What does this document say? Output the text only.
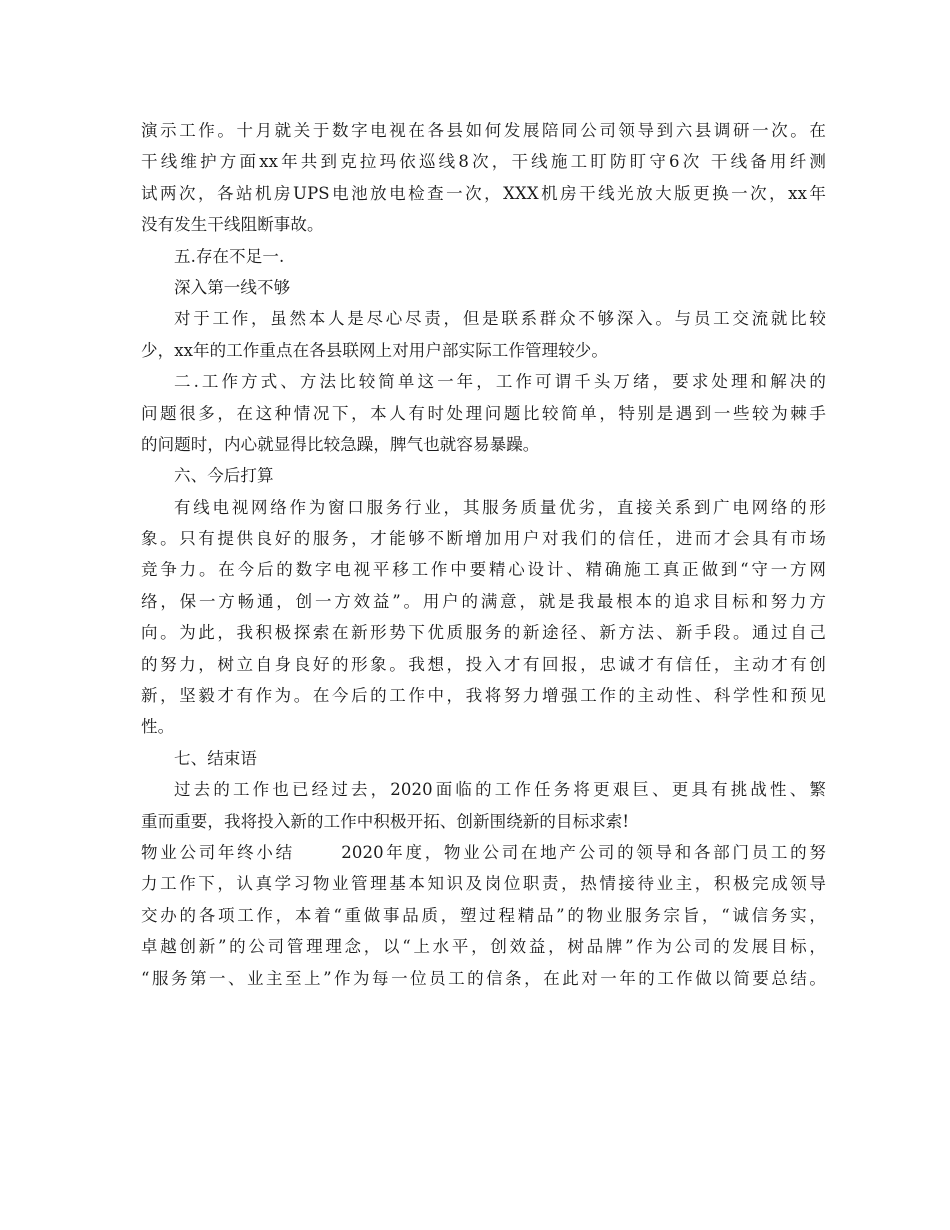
演示工作。十月就关于数字电视在各县如何发展陪同公司领导到六县调研一次。在
干线维护方面xx年共到克拉玛依巡线8次，干线施工盯防盯守6次 干线备用纤测
试两次，各站机房UPS电池放电检查一次，XXX机房干线光放大版更换一次，xx年
没有发生干线阻断事故。
五.存在不足一.
深入第一线不够
对于工作，虽然本人是尽心尽责，但是联系群众不够深入。与员工交流就比较
少，xx年的工作重点在各县联网上对用户部实际工作管理较少。
二.工作方式、方法比较简单这一年，工作可谓千头万绪，要求处理和解决的
问题很多，在这种情况下，本人有时处理问题比较简单，特别是遇到一些较为棘手
的问题时，内心就显得比较急躁，脾气也就容易暴躁。
六、今后打算
有线电视网络作为窗口服务行业，其服务质量优劣，直接关系到广电网络的形
象。只有提供良好的服务，才能够不断增加用户对我们的信任，进而才会具有市场
竞争力。在今后的数字电视平移工作中要精心设计、精确施工真正做到“守一方网
络，保一方畅通，创一方效益”。用户的满意，就是我最根本的追求目标和努力方
向。为此，我积极探索在新形势下优质服务的新途径、新方法、新手段。通过自己
的努力，树立自身良好的形象。我想，投入才有回报，忠诚才有信任，主动才有创
新，坚毅才有作为。在今后的工作中，我将努力增强工作的主动性、科学性和预见
性。
七、结束语
过去的工作也已经过去，2020面临的工作任务将更艰巨、更具有挑战性、繁
重而重要，我将投入新的工作中积极开拓、创新围绕新的目标求索!
物业公司年终小结　　 2020年度，物业公司在地产公司的领导和各部门员工的努
力工作下，认真学习物业管理基本知识及岗位职责，热情接待业主，积极完成领导
交办的各项工作，本着“重做事品质，塑过程精品”的物业服务宗旨，“诚信务实，
卓越创新”的公司管理理念，以“上水平，创效益，树品牌”作为公司的发展目标，
“服务第一、业主至上”作为每一位员工的信条，在此对一年的工作做以简要总结。
